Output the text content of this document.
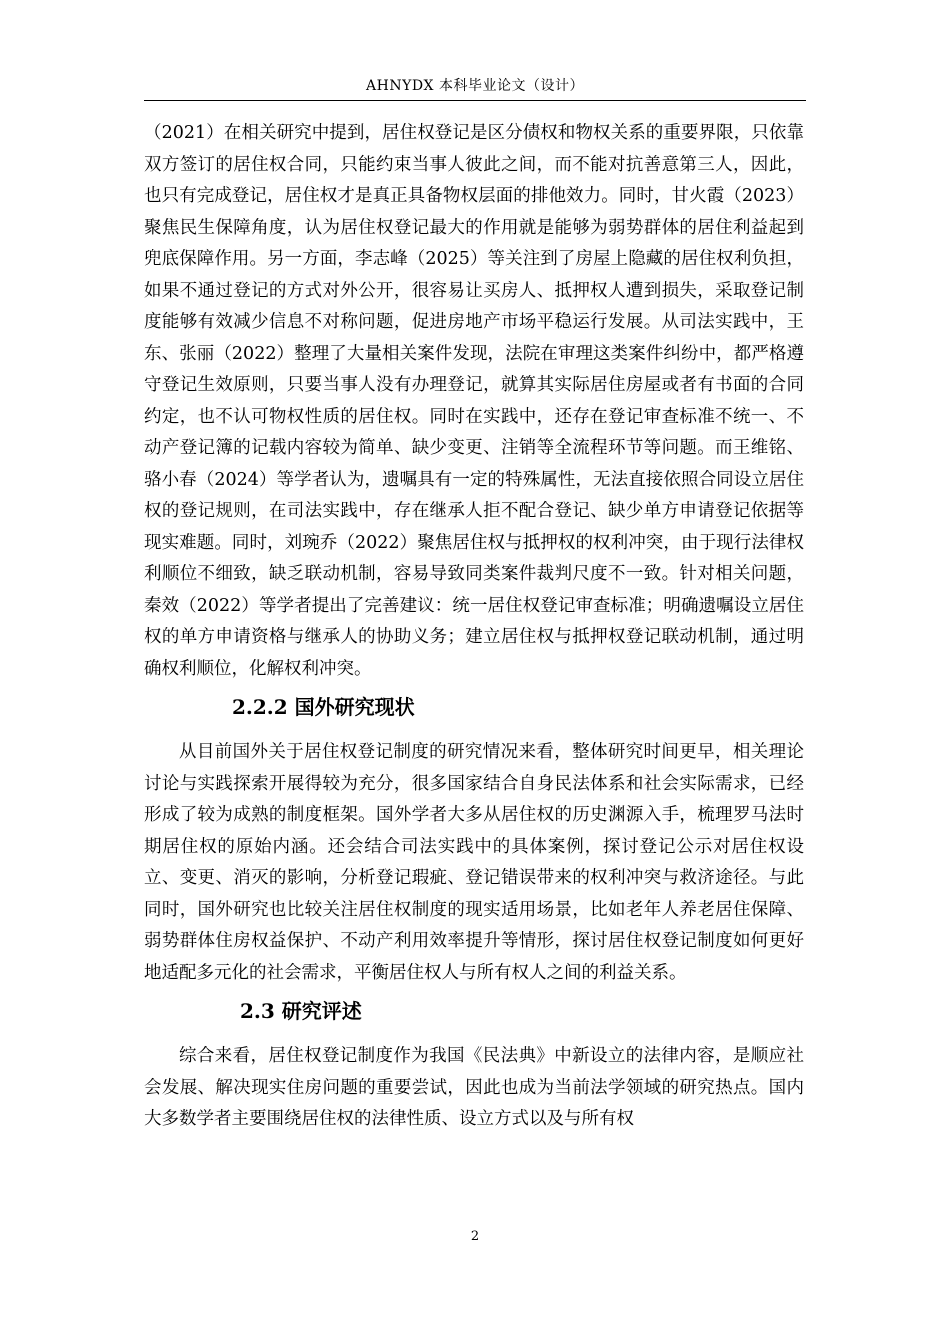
AHNYDX 本科毕业论文（设计）

（2021）在相关研究中提到，居住权登记是区分债权和物权关系的重要界限，只依靠双方签订的居住权合同，只能约束当事人彼此之间，而不能对抗善意第三人，因此，也只有完成登记，居住权才是真正具备物权层面的排他效力。同时，甘火霞（2023）聚焦民生保障角度，认为居住权登记最大的作用就是能够为弱势群体的居住利益起到兜底保障作用。另一方面，李志峰（2025）等关注到了房屋上隐藏的居住权利负担，如果不通过登记的方式对外公开，很容易让买房人、抵押权人遭到损失，采取登记制度能够有效减少信息不对称问题，促进房地产市场平稳运行发展。从司法实践中，王东、张丽（2022）整理了大量相关案件发现，法院在审理这类案件纠纷中，都严格遵守登记生效原则，只要当事人没有办理登记，就算其实际居住房屋或者有书面的合同约定，也不认可物权性质的居住权。同时在实践中，还存在登记审查标准不统一、不动产登记簿的记载内容较为简单、缺少变更、注销等全流程环节等问题。而王维铭、骆小春（2024）等学者认为，遗嘱具有一定的特殊属性，无法直接依照合同设立居住权的登记规则，在司法实践中，存在继承人拒不配合登记、缺少单方申请登记依据等现实难题。同时，刘琬乔（2022）聚焦居住权与抵押权的权利冲突，由于现行法律权利顺位不细致，缺乏联动机制，容易导致同类案件裁判尺度不一致。针对相关问题，秦效（2022）等学者提出了完善建议：统一居住权登记审查标准；明确遗嘱设立居住权的单方申请资格与继承人的协助义务；建立居住权与抵押权登记联动机制，通过明确权利顺位，化解权利冲突。

2.2.2 国外研究现状

从目前国外关于居住权登记制度的研究情况来看，整体研究时间更早，相关理论讨论与实践探索开展得较为充分，很多国家结合自身民法体系和社会实际需求，已经形成了较为成熟的制度框架。国外学者大多从居住权的历史渊源入手，梳理罗马法时期居住权的原始内涵。还会结合司法实践中的具体案例，探讨登记公示对居住权设立、变更、消灭的影响，分析登记瑕疵、登记错误带来的权利冲突与救济途径。与此同时，国外研究也比较关注居住权制度的现实适用场景，比如老年人养老居住保障、弱势群体住房权益保护、不动产利用效率提升等情形，探讨居住权登记制度如何更好地适配多元化的社会需求，平衡居住权人与所有权人之间的利益关系。

2.3 研究评述

综合来看，居住权登记制度作为我国《民法典》中新设立的法律内容，是顺应社会发展、解决现实住房问题的重要尝试，因此也成为当前法学领域的研究热点。国内大多数学者主要围绕居住权的法律性质、设立方式以及与所有权

2
